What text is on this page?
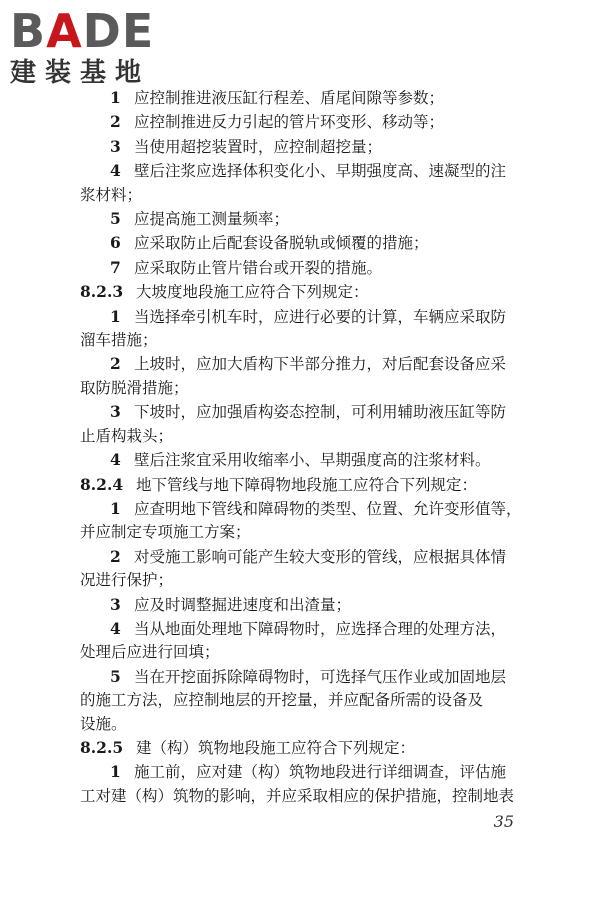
BADE
建装基地
1 应控制推进液压缸行程差、盾尾间隙等参数；
2 应控制推进反力引起的管片环变形、移动等；
3 当使用超挖装置时，应控制超挖量；
4 壁后注浆应选择体积变化小、早期强度高、速凝型的注
浆材料；
5 应提高施工测量频率；
6 应采取防止后配套设备脱轨或倾覆的措施；
7 应采取防止管片错台或开裂的措施。
8.2.3 大坡度地段施工应符合下列规定：
1 当选择牵引机车时，应进行必要的计算，车辆应采取防
溜车措施；
2 上坡时，应加大盾构下半部分推力，对后配套设备应采
取防脱滑措施；
3 下坡时，应加强盾构姿态控制，可利用辅助液压缸等防
止盾构栽头；
4 壁后注浆宜采用收缩率小、早期强度高的注浆材料。
8.2.4 地下管线与地下障碍物地段施工应符合下列规定：
1 应查明地下管线和障碍物的类型、位置、允许变形值等，
并应制定专项施工方案；
2 对受施工影响可能产生较大变形的管线，应根据具体情
况进行保护；
3 应及时调整掘进速度和出渣量；
4 当从地面处理地下障碍物时，应选择合理的处理方法，
处理后应进行回填；
5 当在开挖面拆除障碍物时，可选择气压作业或加固地层
的施工方法，应控制地层的开挖量，并应配备所需的设备及
设施。
8.2.5 建（构）筑物地段施工应符合下列规定：
1 施工前，应对建（构）筑物地段进行详细调查，评估施
工对建（构）筑物的影响，并应采取相应的保护措施，控制地表
35
